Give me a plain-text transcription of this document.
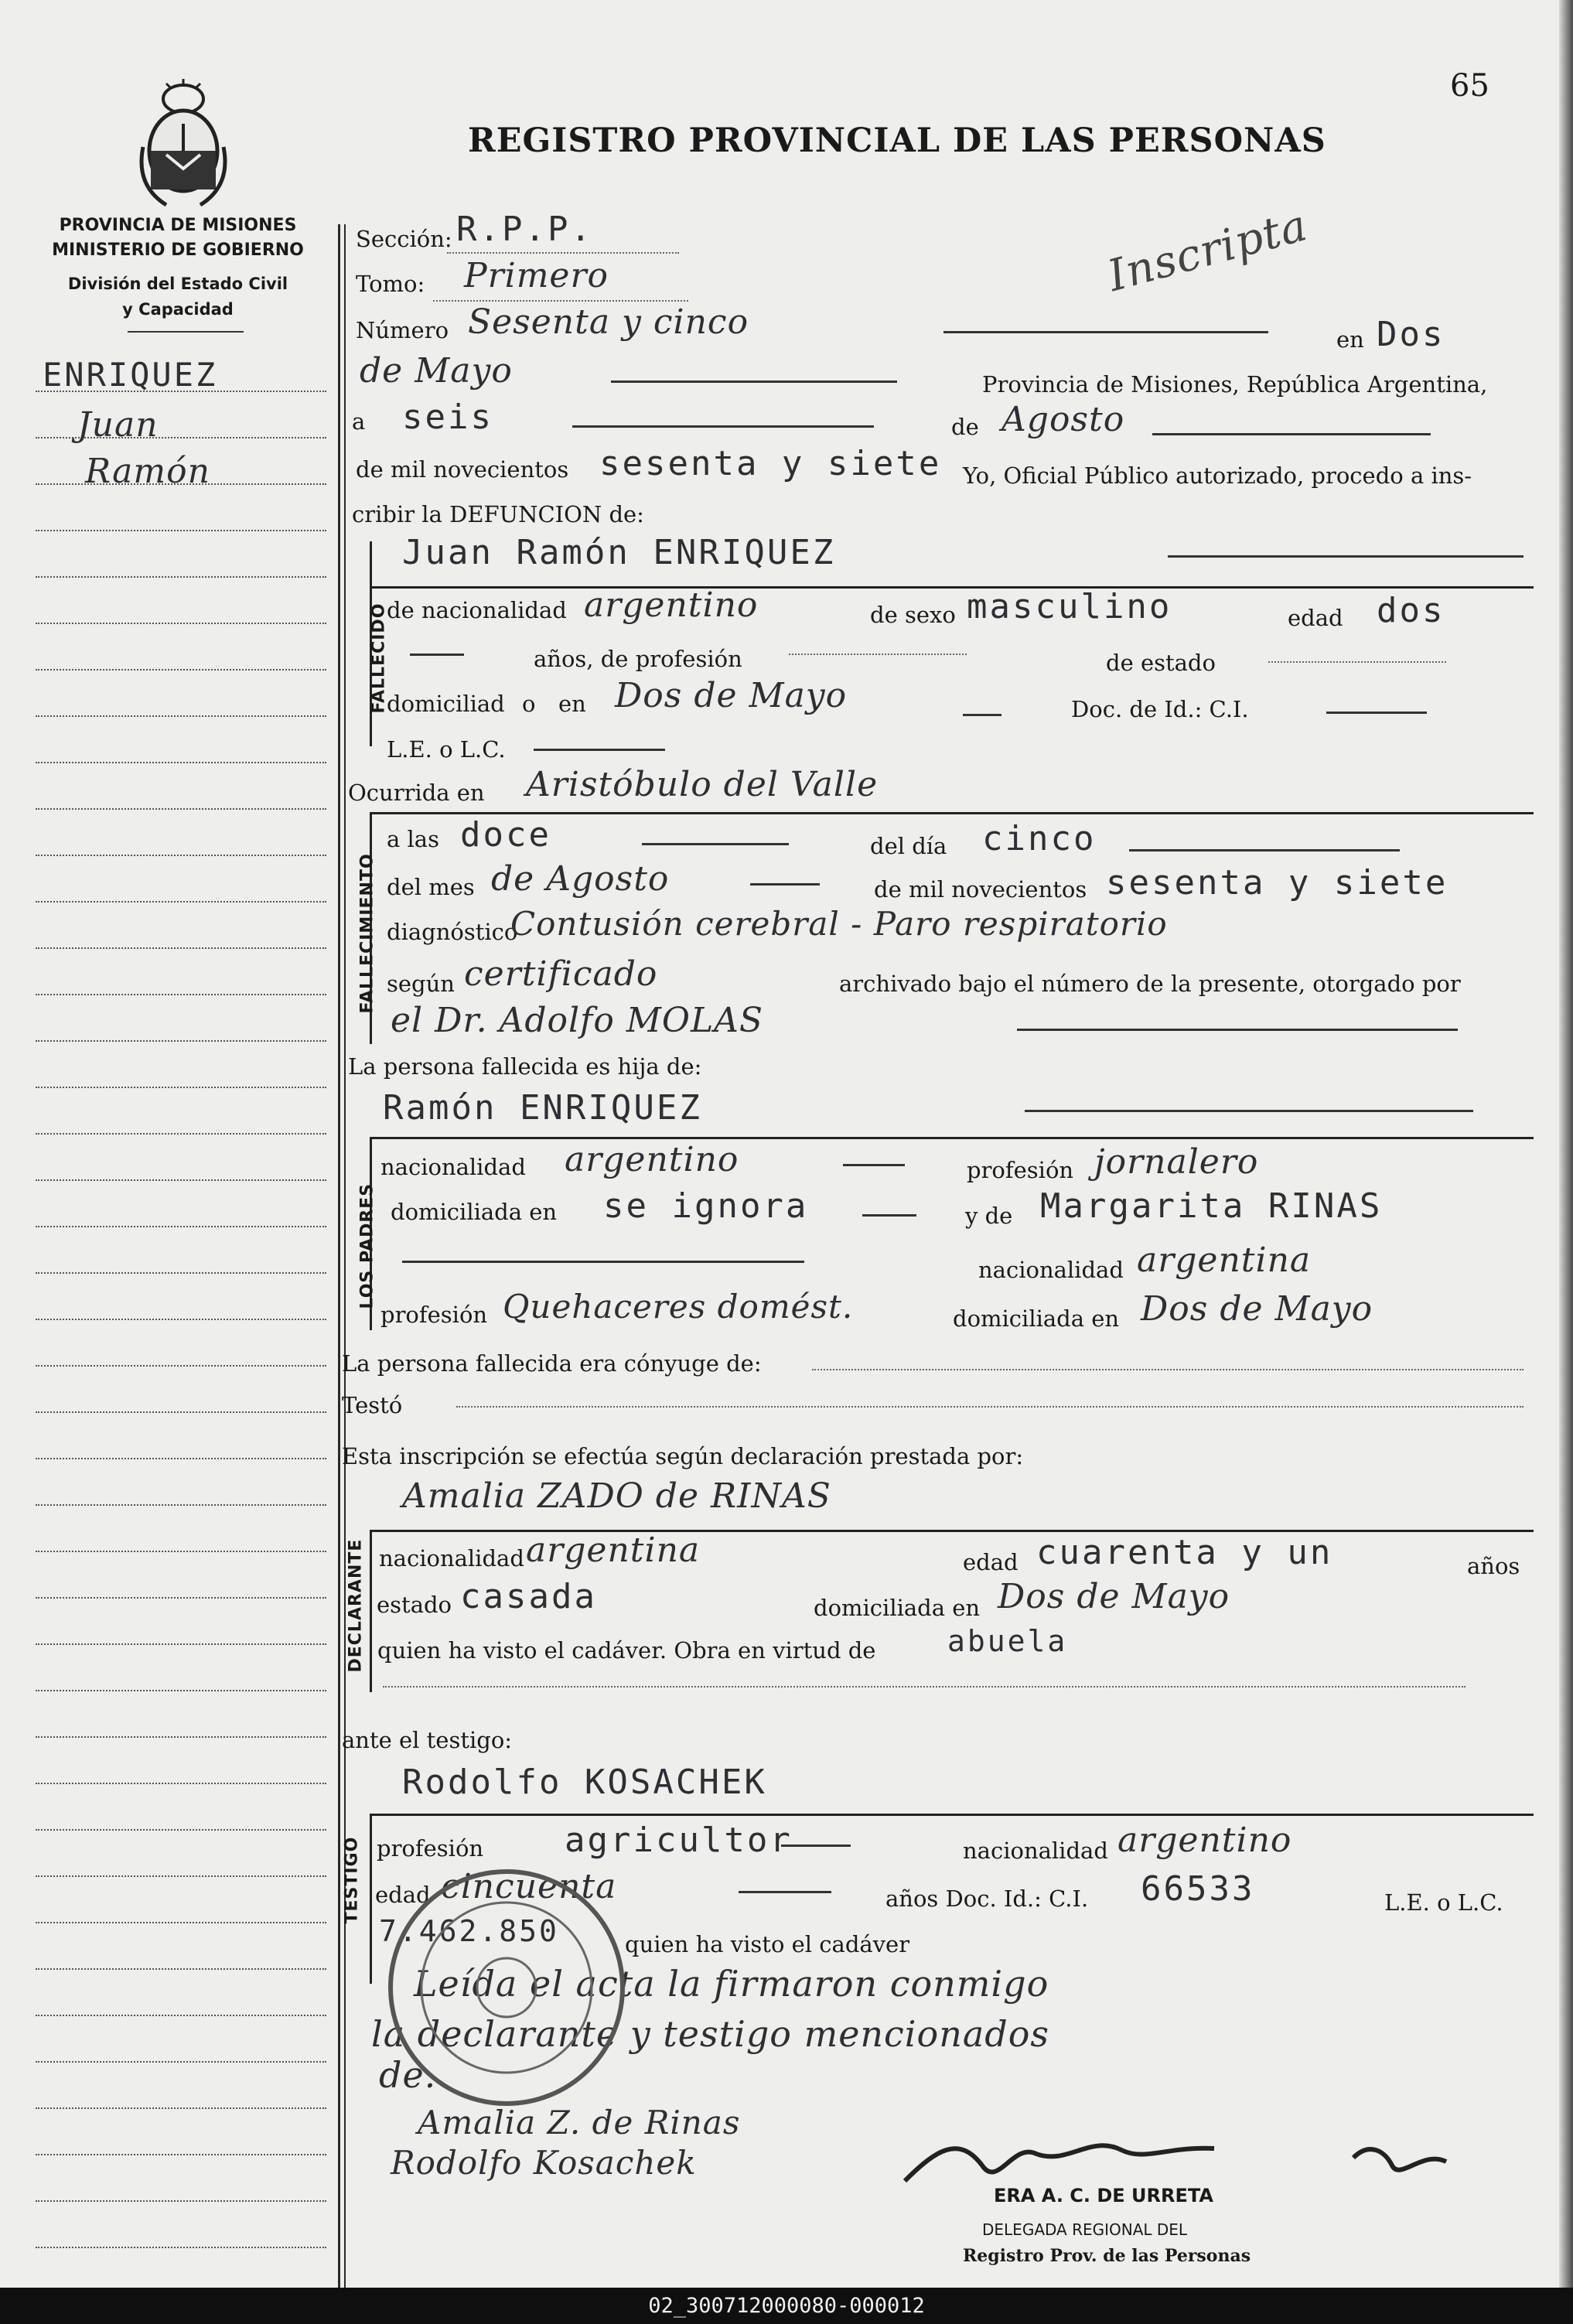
65
REGISTRO PROVINCIAL DE LAS PERSONAS
PROVINCIA DE MISIONES
MINISTERIO DE GOBIERNO
División del Estado Civil
y Capacidad
ENRIQUEZ
Juan
Ramón
Inscripta
Sección: R.P.P.
Tomo: Primero
Número Sesenta y cinco	en Dos
de Mayo	Provincia de Misiones, República Argentina,
a seis	de Agosto
de mil novecientos sesenta y siete Yo, Oficial Público autorizado, procedo a ins-
cribir la DEFUNCION de:
FALLECIDO
Juan Ramón ENRIQUEZ
de nacionalidad argentino	de sexo masculino	edad dos
años, de profesión	de estado
domiciliad o en Dos de Mayo	Doc. de Id.: C.I.
L.E. o L.C.
Ocurrida en Aristóbulo del Valle
FALLECIMIENTO
a las doce	del día cinco
del mes de Agosto	de mil novecientos sesenta y siete
diagnóstico
Contusión cerebral - Paro respiratorio
según certificado	archivado bajo el número de la presente, otorgado por
el Dr. Adolfo MOLAS
La persona fallecida es hija de:
Ramón ENRIQUEZ
LOS PADRES
nacionalidad argentino	profesión jornalero
domiciliada en se ignora	y de Margarita RINAS
nacionalidad argentina
profesión Quehaceres domést.	domiciliada en Dos de Mayo
La persona fallecida era cónyuge de:
Testó
Esta inscripción se efectúa según declaración prestada por:
Amalia ZADO de RINAS
DECLARANTE nacionalidad argentina	edad cuarenta y un	años
estado casada	domiciliada en Dos de Mayo
quien ha visto el cadáver. Obra en virtud de abuela
ante el testigo:
Rodolfo KOSACHEK
TESTIGO profesión agricultor	nacionalidad argentino
edad cincuenta	años Doc. Id.: C.I. 66533	L.E. o L.C.
7.462.850	quien ha visto el cadáver
Leída el acta la firmaron conmigo
la declarante y testigo mencionados
de.
Amalia Z. de Rinas
Rodolfo Kosachek
ERA A. C. DE URRETA
DELEGADA REGIONAL DEL
Registro Prov. de las Personas
02_300712000080-000012
